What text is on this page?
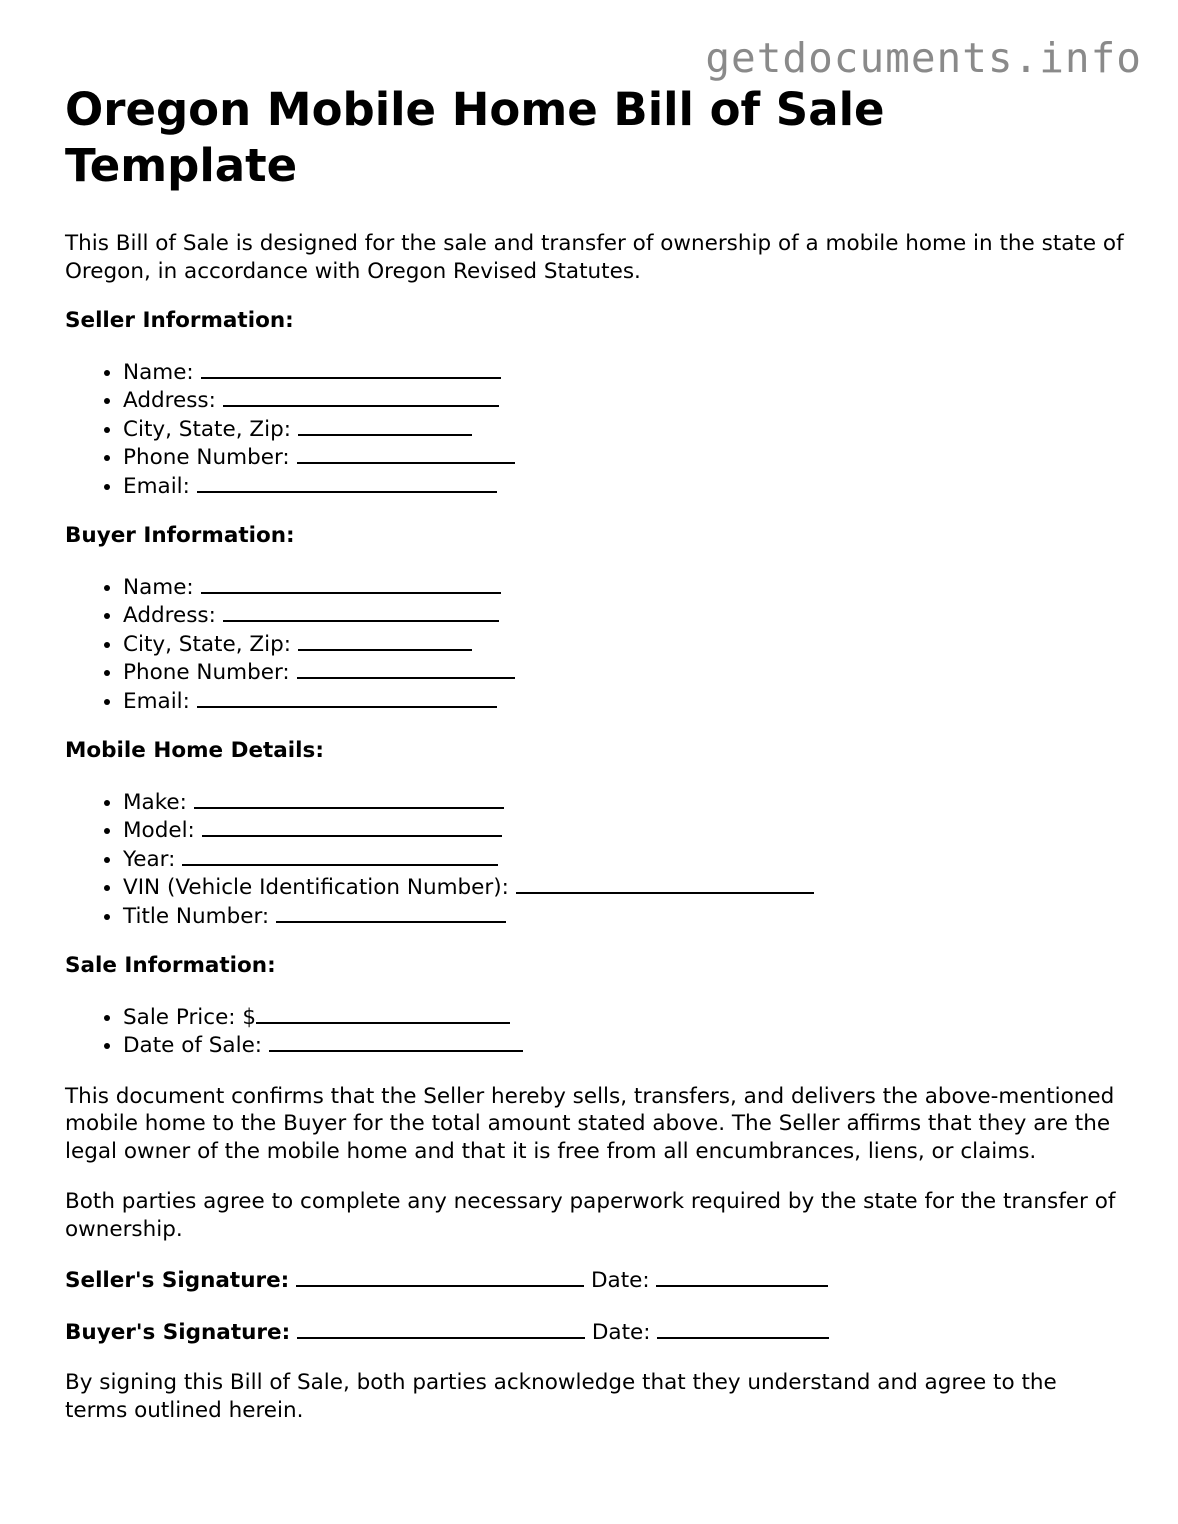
getdocuments.info
Oregon Mobile Home Bill of Sale Template

This Bill of Sale is designed for the sale and transfer of ownership of a mobile home in the state of Oregon, in accordance with Oregon Revised Statutes.

Seller Information:
• Name:
• Address:
• City, State, Zip:
• Phone Number:
• Email:
Buyer Information:
• Name:
• Address:
• City, State, Zip:
• Phone Number:
• Email:
Mobile Home Details:
• Make:
• Model:
• Year:
• VIN (Vehicle Identification Number):
• Title Number:
Sale Information:
• Sale Price: $
• Date of Sale:

This document confirms that the Seller hereby sells, transfers, and delivers the above-mentioned mobile home to the Buyer for the total amount stated above. The Seller affirms that they are the legal owner of the mobile home and that it is free from all encumbrances, liens, or claims.

Both parties agree to complete any necessary paperwork required by the state for the transfer of ownership.

Seller's Signature:	Date:
Buyer's Signature:	Date:

By signing this Bill of Sale, both parties acknowledge that they understand and agree to the terms outlined herein.
